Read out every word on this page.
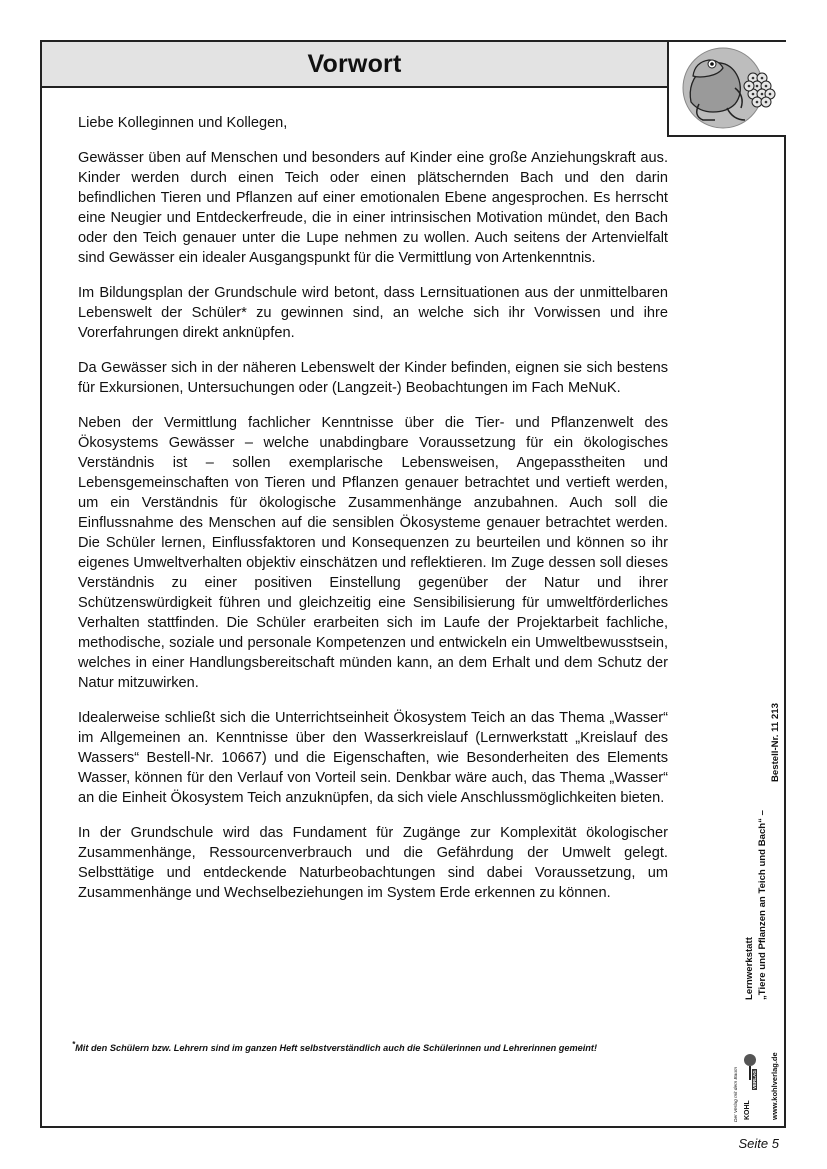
Vorwort

Liebe Kolleginnen und Kollegen,

Gewässer üben auf Menschen und besonders auf Kinder eine große Anziehungskraft aus. Kinder werden durch einen Teich oder einen plätschernden Bach und den darin befindlichen Tieren und Pflanzen auf einer emotionalen Ebene angesprochen. Es herrscht eine Neugier und Entdeckerfreude, die in einer intrinsischen Motivation mündet, den Bach oder den Teich genauer unter die Lupe nehmen zu wollen. Auch seitens der Artenvielfalt sind Gewässer ein idealer Ausgangspunkt für die Vermittlung von Artenkenntnis.

Im Bildungsplan der Grundschule wird betont, dass Lernsituationen aus der unmittelbaren Lebenswelt der Schüler* zu gewinnen sind, an welche sich ihr Vorwissen und ihre Vorerfahrungen direkt anknüpfen.

Da Gewässer sich in der näheren Lebenswelt der Kinder befinden, eignen sie sich bestens für Exkursionen, Untersuchungen oder (Langzeit-) Beobachtungen im Fach MeNuK.

Neben der Vermittlung fachlicher Kenntnisse über die Tier- und Pflanzenwelt des Ökosystems Gewässer – welche unabdingbare Voraussetzung für ein ökologisches Verständnis ist – sollen exemplarische Lebensweisen, Angepasstheiten und Lebensgemeinschaften von Tieren und Pflanzen genauer betrachtet und vertieft werden, um ein Verständnis für ökologische Zusammenhänge anzubahnen. Auch soll die Einflussnahme des Menschen auf die sensiblen Ökosysteme genauer betrachtet werden. Die Schüler lernen, Einflussfaktoren und Konsequenzen zu beurteilen und können so ihr eigenes Umweltverhalten objektiv einschätzen und reflektieren. Im Zuge dessen soll dieses Verständnis zu einer positiven Einstellung gegenüber der Natur und ihrer Schützenswürdigkeit führen und gleichzeitig eine Sensibilisierung für umweltförderliches Verhalten stattfinden. Die Schüler erarbeiten sich im Laufe der Projektarbeit fachliche, methodische, soziale und personale Kompetenzen und entwickeln ein Umweltbewusstsein, welches in einer Handlungsbereitschaft münden kann, an dem Erhalt und dem Schutz der Natur mitzuwirken.

Idealerweise schließt sich die Unterrichtseinheit Ökosystem Teich an das Thema „Wasser“ im Allgemeinen an. Kenntnisse über den Wasserkreislauf (Lernwerkstatt „Kreislauf des Wassers“ Bestell-Nr. 10667) und die Eigenschaften, wie Besonderheiten des Elements Wasser, können für den Verlauf von Vorteil sein. Denkbar wäre auch, das Thema „Wasser“ an die Einheit Ökosystem Teich anzuknüpfen, da sich viele Anschlussmöglichkeiten bieten.

In der Grundschule wird das Fundament für Zugänge zur Komplexität ökologischer Zusammenhänge, Ressourcenverbrauch und die Gefährdung der Umwelt gelegt. Selbsttätige und entdeckende Naturbeobachtungen sind dabei Voraussetzung, um Zusammenhänge und Wechselbeziehungen im System Erde erkennen zu können.

*Mit den Schülern bzw. Lehrern sind im ganzen Heft selbstverständlich auch die Schülerinnen und Lehrerinnen gemeint!
Lernwerkstatt „Tiere und Pflanzen an Teich und Bach“ –
Bestell-Nr. 11 213
www.kohlverlag.de
KOHL
VERLAG
Der Verlag mit dem Baum
Seite 5
